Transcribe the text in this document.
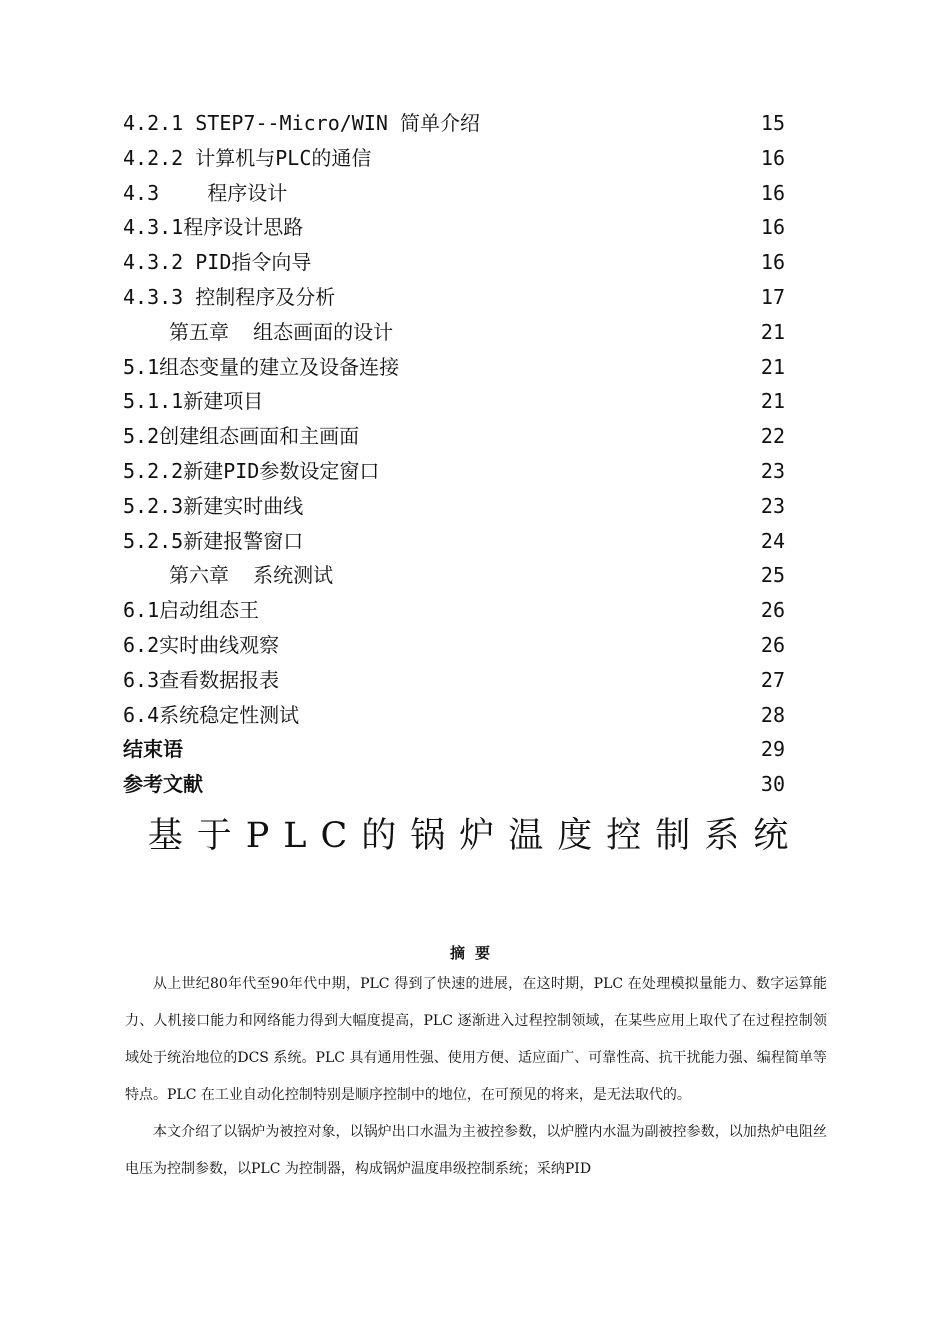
4.2.1 STEP7--Micro/WIN 简单介绍	15
4.2.2 计算机与PLC的通信	16
4.3    程序设计	16
4.3.1程序设计思路	16
4.3.2 PID指令向导	16
4.3.3 控制程序及分析	17
第五章  组态画面的设计	21
5.1组态变量的建立及设备连接	21
5.1.1新建项目	21
5.2创建组态画面和主画面	22
5.2.2新建PID参数设定窗口	23
5.2.3新建实时曲线	23
5.2.5新建报警窗口	24
第六章  系统测试	25
6.1启动组态王	26
6.2实时曲线观察	26
6.3查看数据报表	27
6.4系统稳定性测试	28
结束语	29
参考文献	30
基于PLC的锅炉温度控制系统
摘要

从上世纪80年代至90年代中期，PLC 得到了快速的进展，在这时期，PLC 在处理模拟量能力、数字运算能力、人机接口能力和网络能力得到大幅度提高，PLC 逐渐进入过程控制领域，在某些应用上取代了在过程控制领域处于统治地位的DCS 系统。PLC 具有通用性强、使用方便、适应面广、可靠性高、抗干扰能力强、编程简单等特点。PLC 在工业自动化控制特别是顺序控制中的地位，在可预见的将来，是无法取代的。

本文介绍了以锅炉为被控对象，以锅炉出口水温为主被控参数，以炉膛内水温为副被控参数，以加热炉电阻丝电压为控制参数，以PLC 为控制器，构成锅炉温度串级控制系统；采纳PID
